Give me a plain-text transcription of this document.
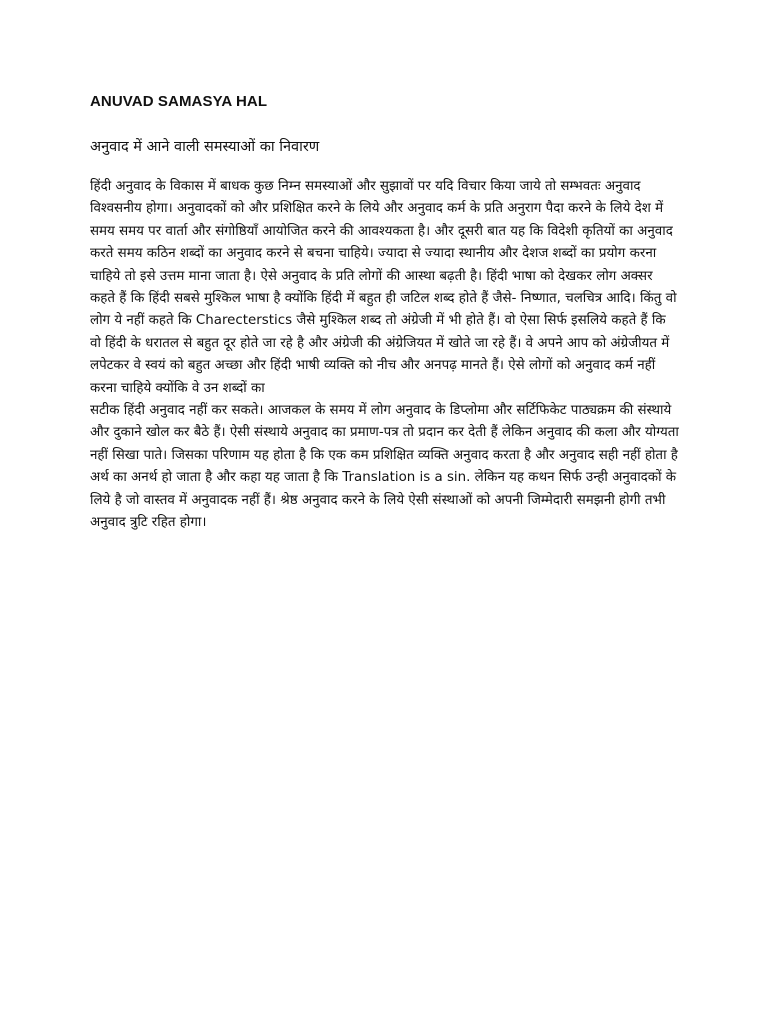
ANUVAD SAMASYA HAL
अनुवाद में आने वाली समस्याओं का निवारण

हिंदी अनुवाद के विकास में बाधक कुछ निम्न समस्याओं और सुझावों पर यदि विचार किया जाये तो सम्भवतः अनुवाद विश्वसनीय होगा। अनुवादकों को और प्रशिक्षित करने के लिये और अनुवाद कर्म के प्रति अनुराग पैदा करने के लिये देश में समय समय पर वार्ता और संगोष्ठियाँ आयोजित करने की आवश्यकता है। और दूसरी बात यह कि विदेशी कृतियों का अनुवाद करते समय कठिन शब्दों का अनुवाद करने से बचना चाहिये। ज्यादा से ज्यादा स्थानीय और देशज शब्दों का प्रयोग करना चाहिये तो इसे उत्तम माना जाता है। ऐसे अनुवाद के प्रति लोगों की आस्था बढ़ती है। हिंदी भाषा को देखकर लोग अक्सर कहते हैं कि हिंदी सबसे मुश्किल भाषा है क्योंकि हिंदी में बहुत ही जटिल शब्द होते हैं जैसे- निष्णात, चलचित्र आदि। किंतु वो लोग ये नहीं कहते कि Charecterstics जैसे मुश्किल शब्द तो अंग्रेजी में भी होते हैं। वो ऐसा सिर्फ इसलिये कहते हैं कि वो हिंदी के धरातल से बहुत दूर होते जा रहे है और अंग्रेजी की अंग्रेजियत में खोते जा रहे हैं। वे अपने आप को अंग्रेजीयत में लपेटकर वे स्वयं को बहुत अच्छा और हिंदी भाषी व्यक्ति को नीच और अनपढ़ मानते हैं। ऐसे लोगों को अनुवाद कर्म नहीं करना चाहिये क्योंकि वे उन शब्दों का

सटीक हिंदी अनुवाद नहीं कर सकते। आजकल के समय में लोग अनुवाद के डिप्लोमा और सर्टिफिकेट पाठ्यक्रम की संस्थाये और दुकाने खोल कर बैठे हैं। ऐसी संस्थाये अनुवाद का प्रमाण-पत्र तो प्रदान कर देती हैं लेकिन अनुवाद की कला और योग्यता नहीं सिखा पाते। जिसका परिणाम यह होता है कि एक कम प्रशिक्षित व्यक्ति अनुवाद करता है और अनुवाद सही नहीं होता है अर्थ का अनर्थ हो जाता है और कहा यह जाता है कि Translation is a sin. लेकिन यह कथन सिर्फ उन्ही अनुवादकों के लिये है जो वास्तव में अनुवादक नहीं हैं। श्रेष्ठ अनुवाद करने के लिये ऐसी संस्थाओं को अपनी जिम्मेदारी समझनी होगी तभी अनुवाद त्रुटि रहित होगा।
